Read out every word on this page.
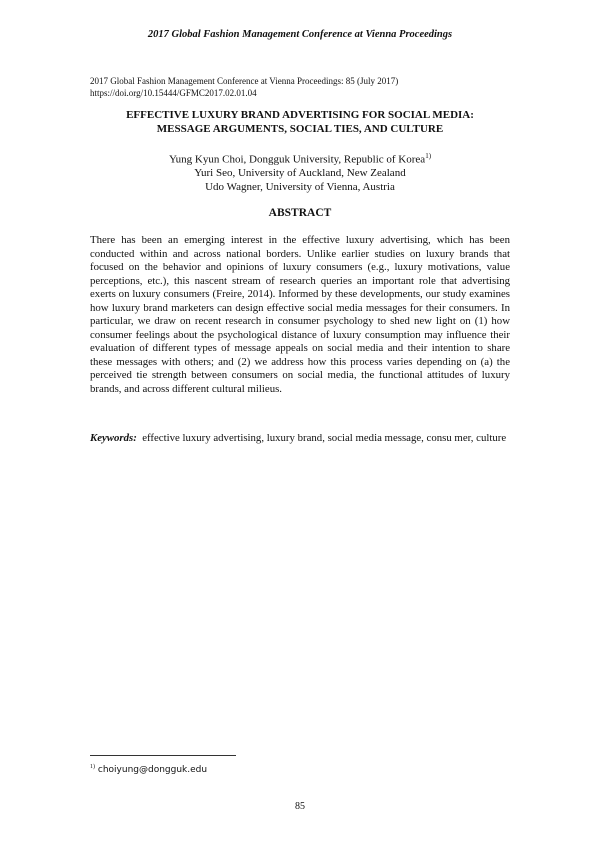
2017 Global Fashion Management Conference at Vienna Proceedings
2017 Global Fashion Management Conference at Vienna Proceedings: 85 (July 2017)
https://doi.org/10.15444/GFMC2017.02.01.04
EFFECTIVE LUXURY BRAND ADVERTISING FOR SOCIAL MEDIA:
MESSAGE ARGUMENTS, SOCIAL TIES, AND CULTURE
Yung Kyun Choi, Dongguk University, Republic of Korea$^{1)}$
Yuri Seo, University of Auckland, New Zealand
Udo Wagner, University of Vienna, Austria
ABSTRACT
There has been an emerging interest in the effective luxury advertising, which has been conducted within and across national borders. Unlike earlier studies on luxury brands that focused on the behavior and opinions of luxury consumers (e.g., luxury motivations, value perceptions, etc.), this nascent stream of research queries an important role that advertising exerts on luxury consumers (Freire, 2014). Informed by these developments, our study examines how luxury brand marketers can design effective social media messages for their consumers. In particular, we draw on recent research in consumer psychology to shed new light on (1) how consumer feelings about the psychological distance of luxury consumption may influence their evaluation of different types of message appeals on social media and their intention to share these messages with others; and (2) we address how this process varies depending on (a) the perceived tie strength between consumers on social media, the functional attitudes of luxury brands, and across different cultural milieus.
Keywords: effective luxury advertising, luxury brand, social media message, consu mer, culture
$^{1)}$ choiyung@dongguk.edu
85
